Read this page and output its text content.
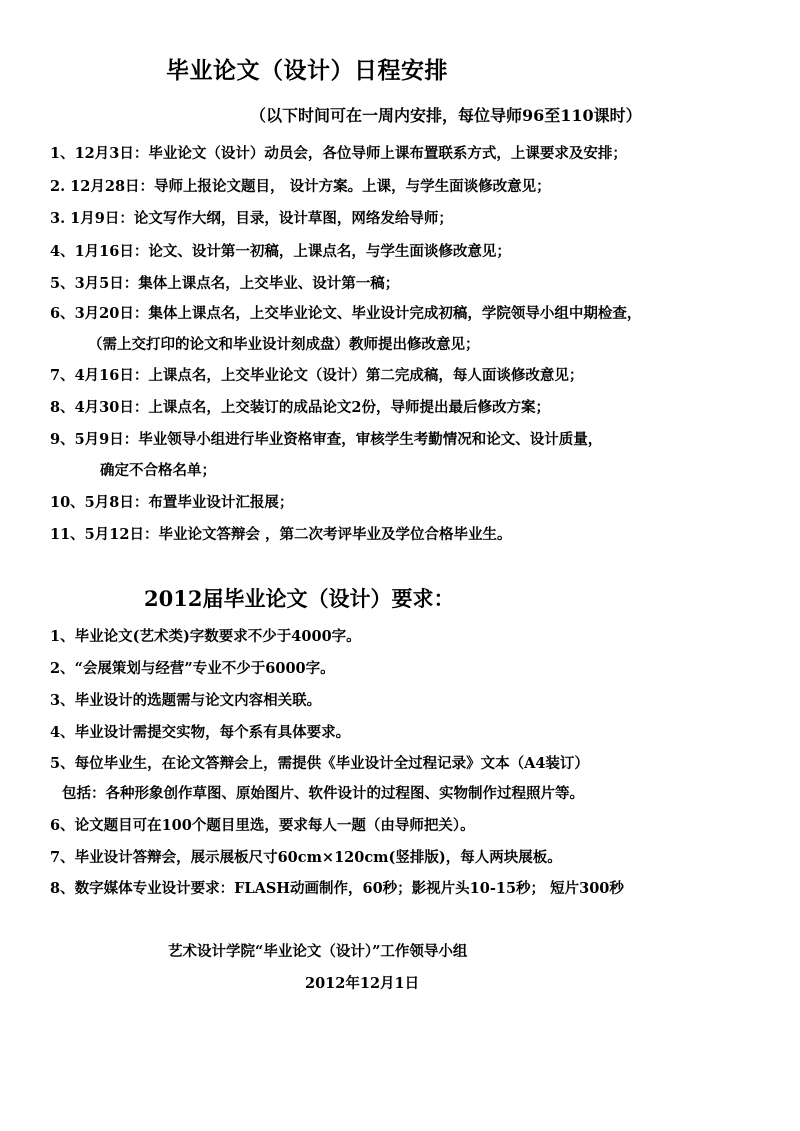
毕业论文（设计）日程安排
（以下时间可在一周内安排，每位导师96至110课时）
1、12月3日：毕业论文（设计）动员会，各位导师上课布置联系方式，上课要求及安排；
2. 12月28日：导师上报论文题目， 设计方案。上课，与学生面谈修改意见；
3. 1月9日：论文写作大纲，目录，设计草图，网络发给导师；
4、1月16日：论文、设计第一初稿，上课点名，与学生面谈修改意见；
5、3月5日：集体上课点名，上交毕业、设计第一稿；
6、3月20日：集体上课点名，上交毕业论文、毕业设计完成初稿，学院领导小组中期检查，
（需上交打印的论文和毕业设计刻成盘）教师提出修改意见；
7、4月16日：上课点名，上交毕业论文（设计）第二完成稿，每人面谈修改意见；
8、4月30日：上课点名，上交装订的成品论文2份，导师提出最后修改方案；
9、5月9日：毕业领导小组进行毕业资格审查，审核学生考勤情况和论文、设计质量，
确定不合格名单；
10、5月8日：布置毕业设计汇报展；
11、5月12日：毕业论文答辩会 ，第二次考评毕业及学位合格毕业生。
2012届毕业论文（设计）要求：
1、毕业论文(艺术类)字数要求不少于4000字。
2、“会展策划与经营”专业不少于6000字。
3、毕业设计的选题需与论文内容相关联。
4、毕业设计需提交实物，每个系有具体要求。
5、每位毕业生，在论文答辩会上，需提供《毕业设计全过程记录》文本（A4装订）
包括：各种形象创作草图、原始图片、软件设计的过程图、实物制作过程照片等。
6、论文题目可在100个题目里选，要求每人一题（由导师把关）。
7、毕业设计答辩会，展示展板尺寸60cm×120cm(竖排版)，每人两块展板。
8、数字媒体专业设计要求：FLASH动画制作，60秒；影视片头10-15秒； 短片300秒
艺术设计学院“毕业论文（设计）”工作领导小组
2012年12月1日
